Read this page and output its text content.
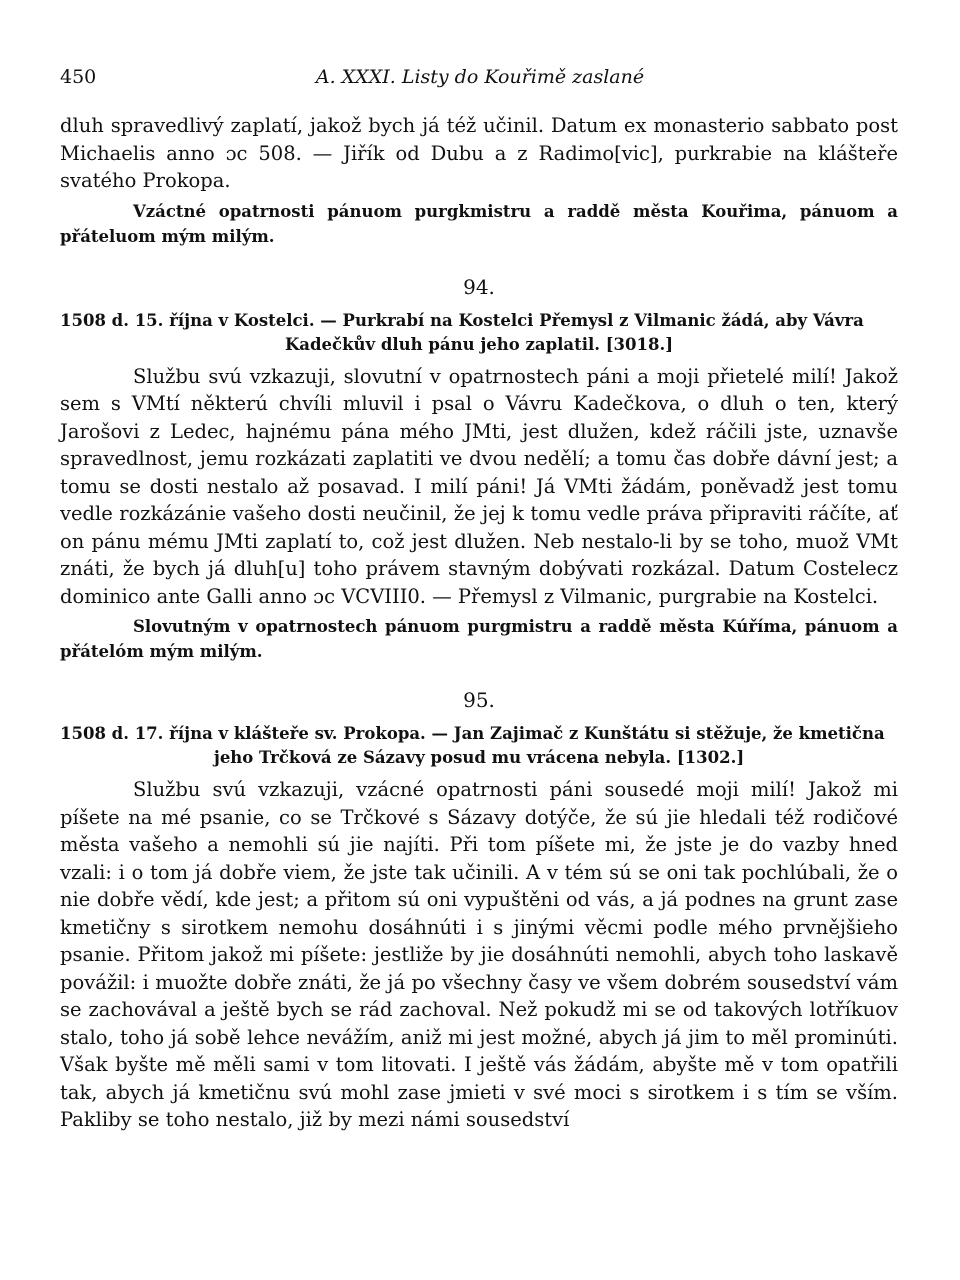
450	A. XXXI. Listy do Kouřimě zaslané

dluh spravedlivý zaplatí, jakož bych já též učinil. Datum ex monasterio sabbato post Michaelis anno ɔc 508. — Jiřík od Dubu a z Radimo[vic], purkrabie na klášteře svatého Prokopa.

Vzáctné opatrnosti pánuom purgkmistru a raddě města Kouřima, pánuom a přáteluom mým milým.

94.

1508 d. 15. října v Kostelci. — Purkrabí na Kostelci Přemysl z Vilmanic žádá, aby Vávra
Kadečkův dluh pánu jeho zaplatil. [3018.]

Službu svú vzkazuji, slovutní v opatrnostech páni a moji přietelé milí! Jakož sem s VMtí některú chvíli mluvil i psal o Vávru Kadečkova, o dluh o ten, který Jarošovi z Ledec, hajnému pána mého JMti, jest dlužen, kdež ráčili jste, uznavše spravedlnost, jemu rozkázati zaplatiti ve dvou nedělí; a tomu čas dobře dávní jest; a tomu se dosti nestalo až posavad. I milí páni! Já VMti žádám, poněvadž jest tomu vedle rozkázánie vašeho dosti neučinil, že jej k tomu vedle práva připraviti ráčíte, ať on pánu mému JMti zaplatí to, což jest dlužen. Neb nestalo-li by se toho, muož VMt znáti, že bych já dluh[u] toho právem stavným dobývati rozkázal. Datum Costelecz dominico ante Galli anno ɔc VCVIII0. — Přemysl z Vilmanic, purgrabie na Kostelci.

Slovutným v opatrnostech pánuom purgmistru a raddě města Kúříma, pánuom a přátelóm mým milým.

95.

1508 d. 17. října v klášteře sv. Prokopa. — Jan Zajimač z Kunštátu si stěžuje, že kmetična
jeho Trčková ze Sázavy posud mu vrácena nebyla. [1302.]

Službu svú vzkazuji, vzácné opatrnosti páni sousedé moji milí! Jakož mi píšete na mé psanie, co se Trčkové s Sázavy dotýče, že sú jie hledali též rodičové města vašeho a nemohli sú jie najíti. Při tom píšete mi, že jste je do vazby hned vzali: i o tom já dobře viem, že jste tak učinili. A v tém sú se oni tak pochlúbali, že o nie dobře vědí, kde jest; a přitom sú oni vypuštěni od vás, a já podnes na grunt zase kmetičny s sirotkem nemohu dosáhnúti i s jinými věcmi podle mého prvnějšieho psanie. Přitom jakož mi píšete: jestliže by jie dosáhnúti nemohli, abych toho laskavě povážil: i muožte dobře znáti, že já po všechny časy ve všem dobrém sousedství vám se zachovával a ještě bych se rád zachoval. Než pokudž mi se od takových lotříkuov stalo, toho já sobě lehce nevážím, aniž mi jest možné, abych já jim to měl prominúti. Však byšte mě měli sami v tom litovati. I ještě vás žádám, abyšte mě v tom opatřili tak, abych já kmetičnu svú mohl zase jmieti v své moci s sirotkem i s tím se vším. Pakliby se toho nestalo, již by mezi námi sousedství
